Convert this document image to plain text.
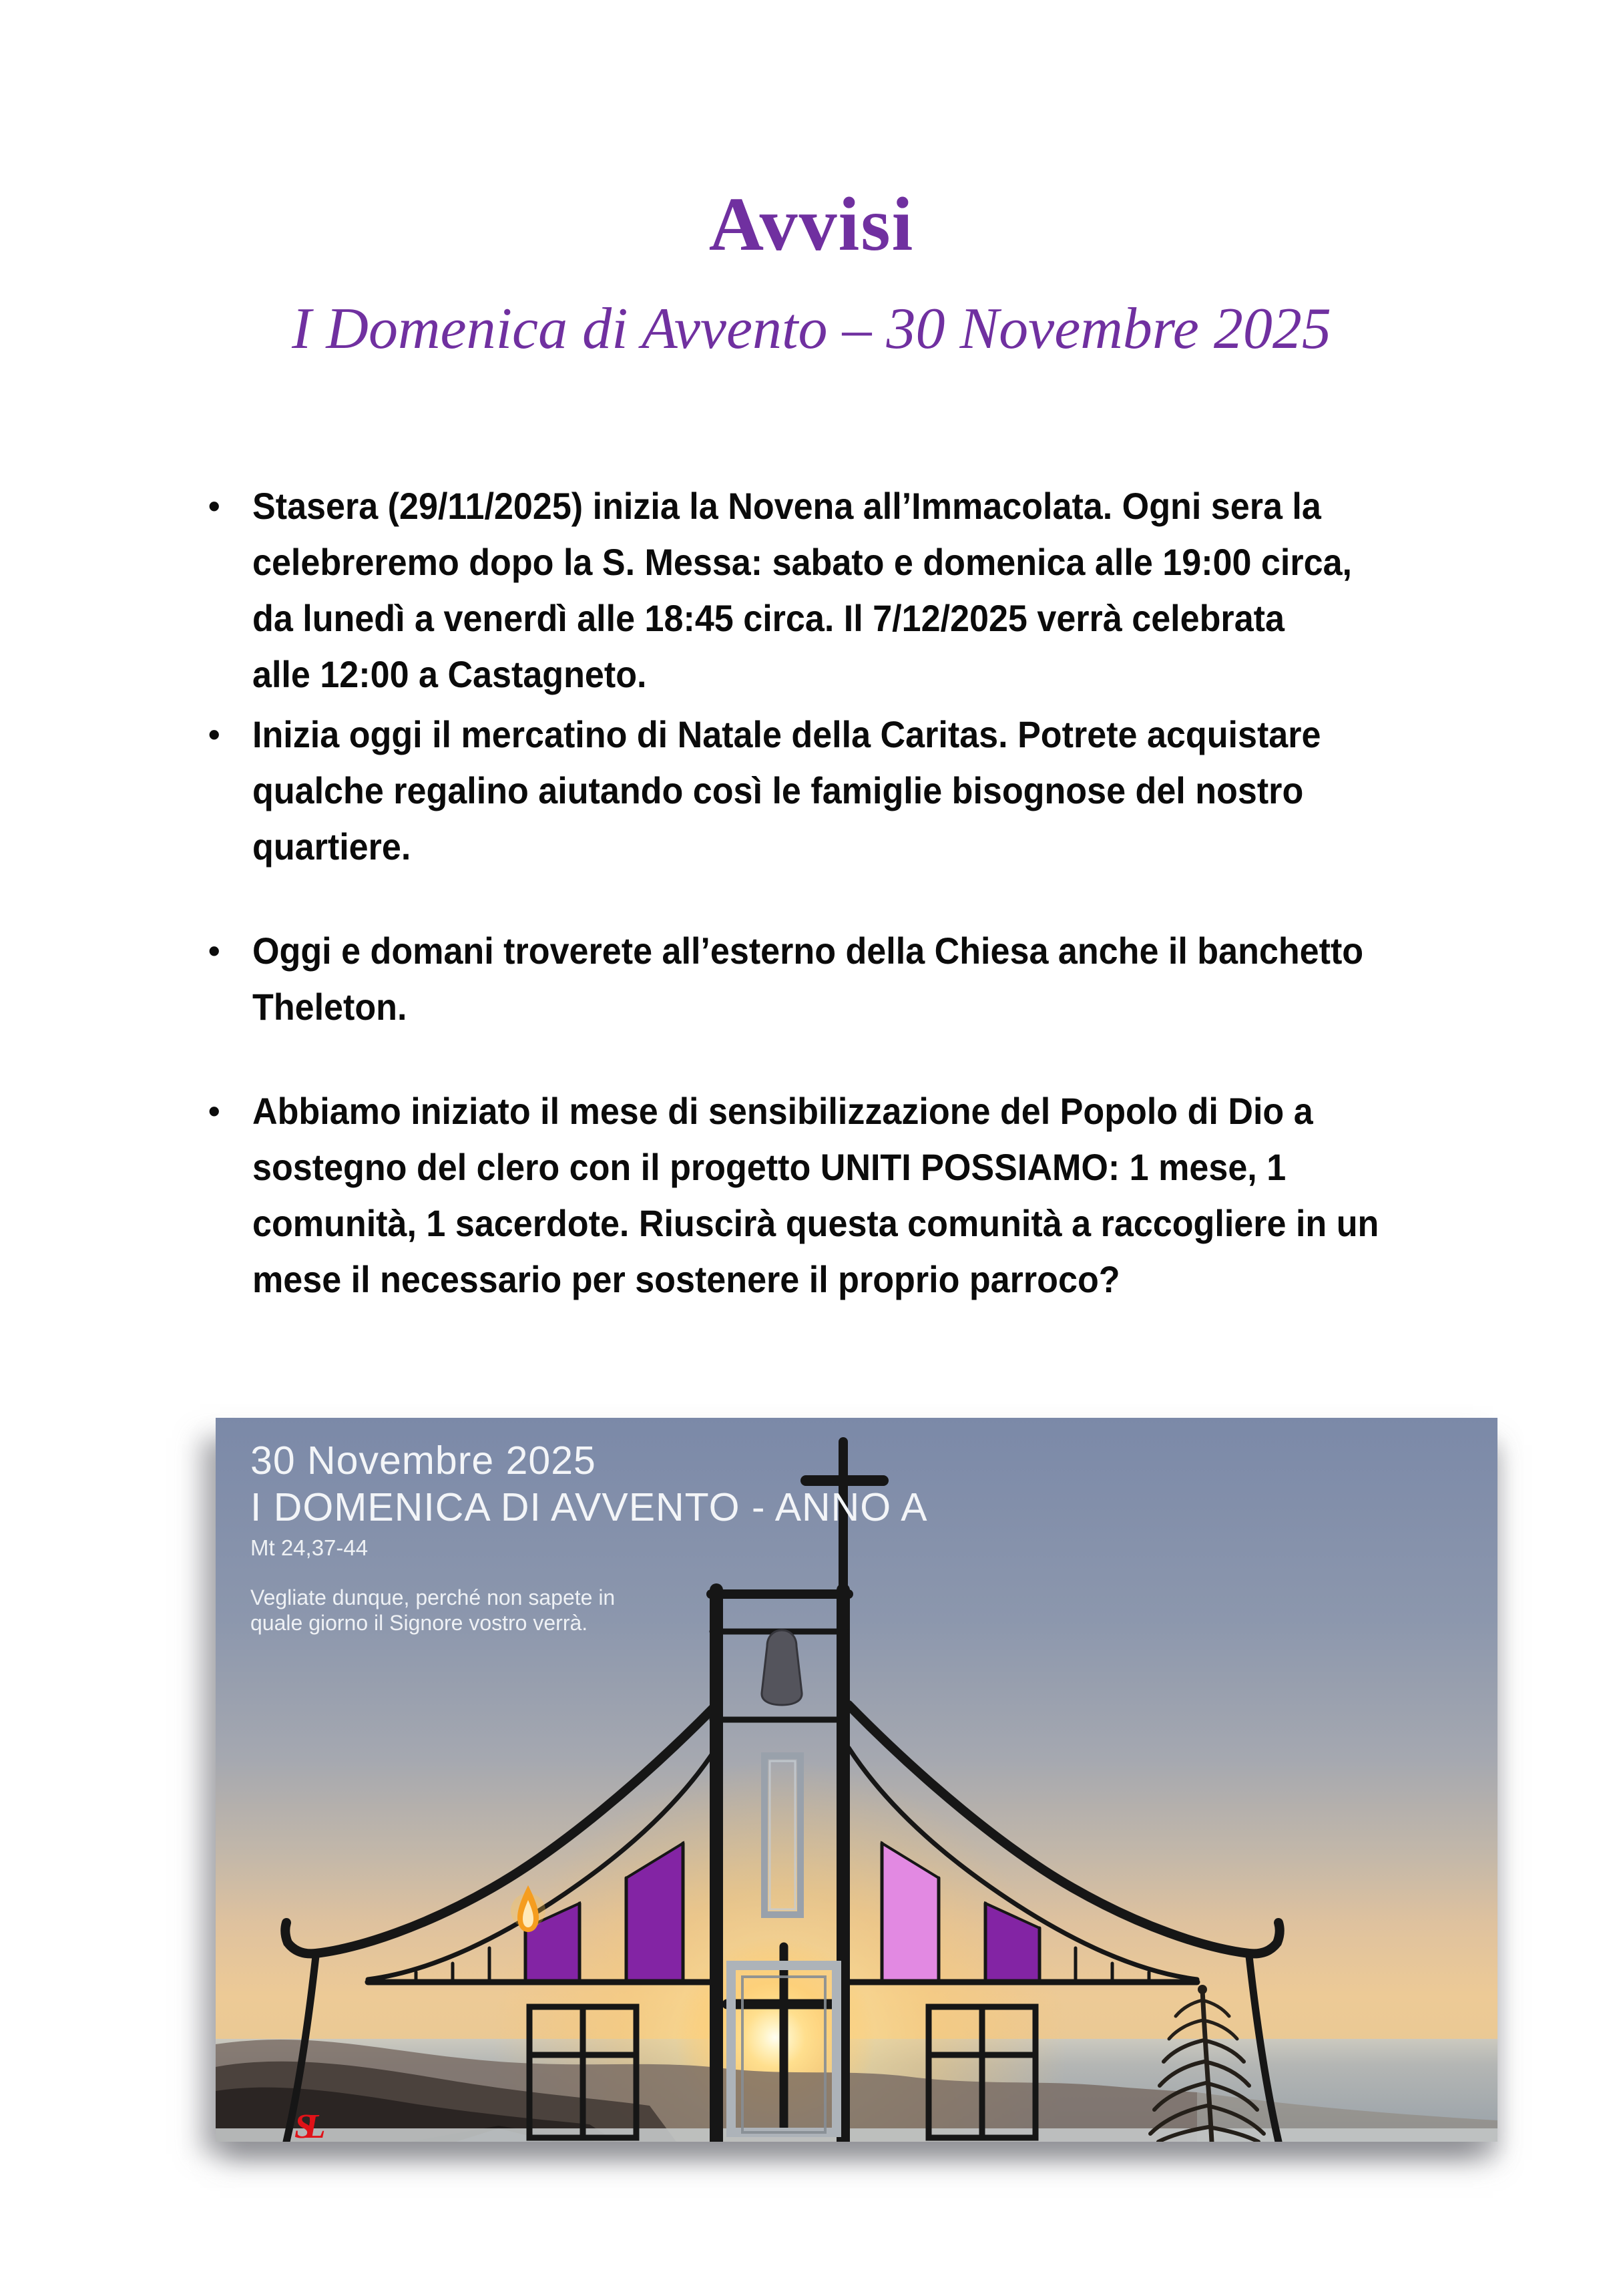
Avvisi
I Domenica di Avvento – 30 Novembre 2025
• Stasera (29/11/2025) inizia la Novena all’Immacolata. Ogni sera la
celebreremo dopo la S. Messa: sabato e domenica alle 19:00 circa,
da lunedì a venerdì alle 18:45 circa. Il 7/12/2025 verrà celebrata
alle 12:00 a Castagneto.
• Inizia oggi il mercatino di Natale della Caritas. Potrete acquistare
qualche regalino aiutando così le famiglie bisognose del nostro
quartiere.
• Oggi e domani troverete all’esterno della Chiesa anche il banchetto
Theleton.
• Abbiamo iniziato il mese di sensibilizzazione del Popolo di Dio a
sostegno del clero con il progetto UNITI POSSIAMO: 1 mese, 1
comunità, 1 sacerdote. Riuscirà questa comunità a raccogliere in un
mese il necessario per sostenere il proprio parroco?
SL
30 Novembre 2025
I DOMENICA DI AVVENTO - ANNO A
Mt 24,37-44
Vegliate dunque, perché non sapete in
quale giorno il Signore vostro verrà.
